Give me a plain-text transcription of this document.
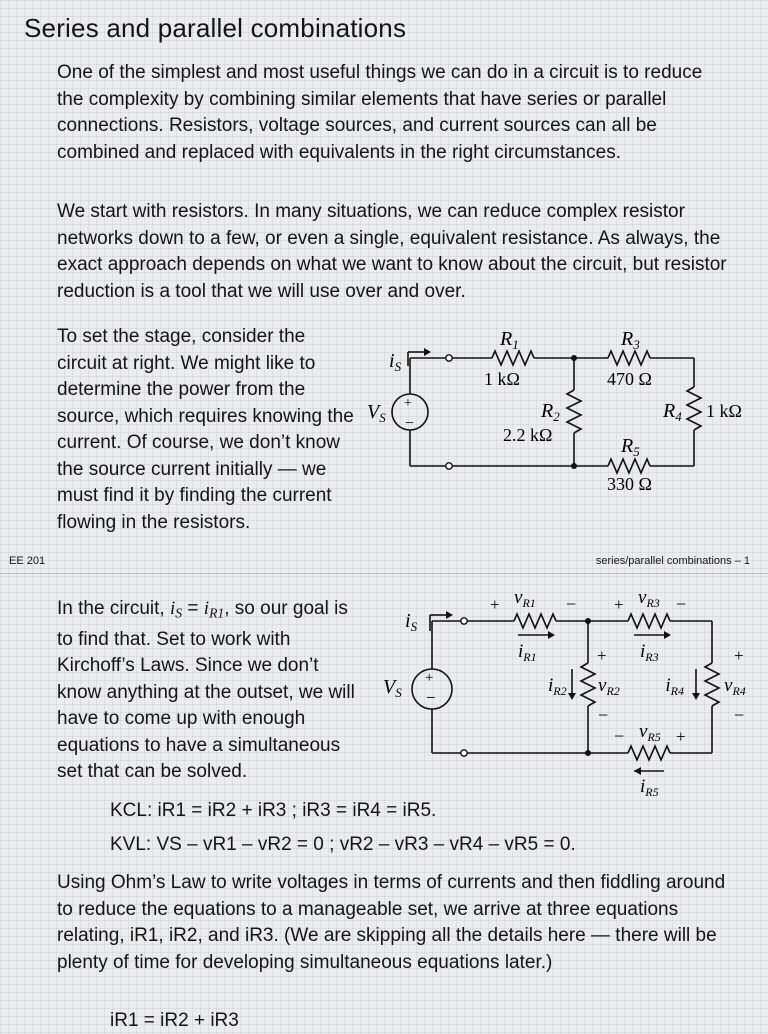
Series and parallel combinations

One of the simplest and most useful things we can do in a circuit is to reduce the complexity by combining similar elements that have series or parallel connections. Resistors, voltage sources, and current sources can all be combined and replaced with equivalents in the right circumstances.

We start with resistors. In many situations, we can reduce complex resistor networks down to a few, or even a single, equivalent resistance. As always, the exact approach depends on what we want to know about the circuit, but resistor reduction is a tool that we will use over and over.

To set the stage, consider the circuit at right. We might like to determine the power from the source, which requires knowing the current. Of course, we don’t know the source current initially — we must find it by finding the current flowing in the resistors.

$i_S$
$V_S$
+
−
$R_1$
1 kΩ
$R_3$
470 Ω
$R_2$
2.2 kΩ
$R_4$ 1 kΩ
$R_5$
330 Ω
EE 201	series/parallel combinations – 1

In the circuit, $i_S = i_{R1}$, so our goal is to find that. Set to work with Kirchoff’s Laws. Since we don’t know anything at the outset, we will have to come up with enough equations to have a simultaneous set that can be solved.

$i_S$
$V_S$
+
−
+ $v_{R1}$ − + $v_{R3}$ −
$i_{R1}$	$i_{R3}$
+
$i_{R2}$ $v_{R2}$
−
+
$i_{R4}$ $v_{R4}$
−
− $v_{R5}$ +
$i_{R5}$

KCL: iR1 = iR2 + iR3 ; iR3 = iR4 = iR5.

KVL: VS – vR1 – vR2 = 0 ; vR2 – vR3 – vR4 – vR5 = 0.

Using Ohm’s Law to write voltages in terms of currents and then fiddling around to reduce the equations to a manageable set, we arrive at three equations relating, iR1, iR2, and iR3. (We are skipping all the details here — there will be plenty of time for developing simultaneous equations later.)

iR1 = iR2 + iR3
